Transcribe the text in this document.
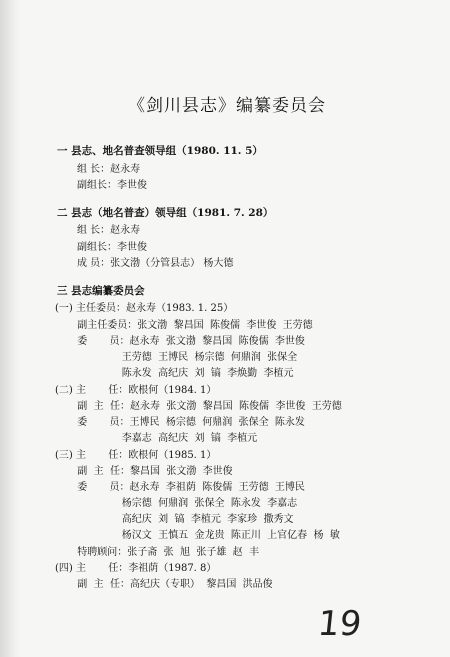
《剑川县志》编纂委员会
一 县志、地名普查领导组（1980. 11. 5）
组 长：赵永寿
副组长：李世俊
二 县志（地名普查）领导组（1981. 7. 28）
组 长：赵永寿
副组长：李世俊
成 员：张文渤（分管县志） 杨大德
三 县志编纂委员会
(一) 主任委员：赵永寿（1983. 1. 25）
副主任委员：张文渤  黎昌国  陈俊儒  李世俊  王劳德
委       员：赵永寿  张文渤  黎昌国  陈俊儒  李世俊
王劳德  王博民  杨宗德  何鼎润  张保全
陈永发  高纪庆  刘  镐  李焕勤  李植元
(二) 主       任：欧根何（1984. 1）
副  主  任：赵永寿  张文渤  黎昌国  陈俊儒  李世俊  王劳德
委       员：王博民  杨宗德  何鼎润  张保全  陈永发
李嘉志  高纪庆  刘  镐  李植元
(三) 主       任：欧根何（1985. 1）
副  主  任：黎昌国  张文渤  李世俊
委       员：赵永寿  李祖荫  陈俊儒  王劳德  王博民
杨宗德  何鼎润  张保全  陈永发  李嘉志
高纪庆  刘  镐  李植元  李家珍  撒秀文
杨汉文  王慎五  金龙贵  陈正川  上官亿春  杨  敏
特聘顾问：张子斋  张  旭  张子雄  赵  丰
(四) 主       任：李祖荫（1987. 8）
副  主  任：高纪庆（专职）  黎昌国  洪品俊
19
